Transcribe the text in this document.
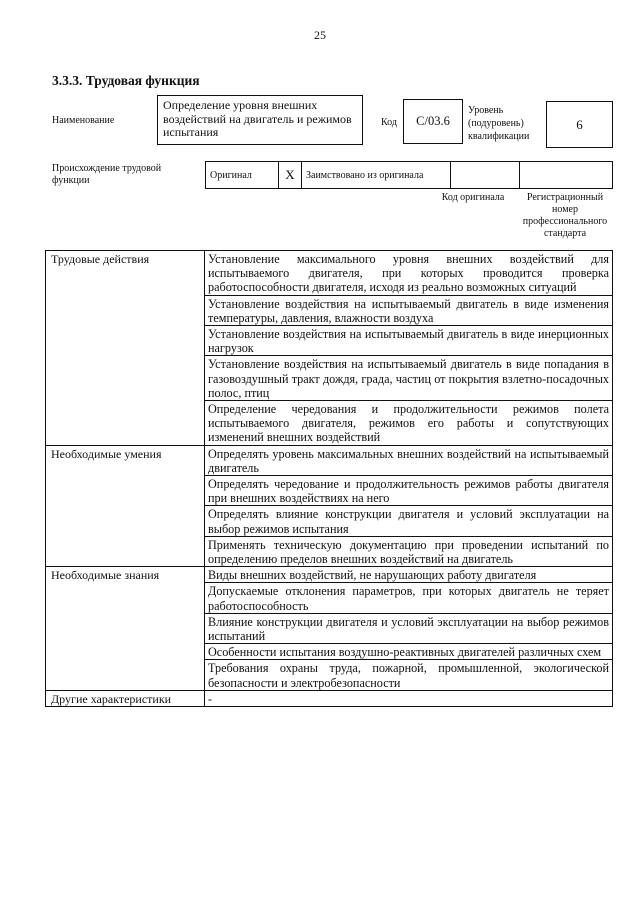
25
3.3.3. Трудовая функция
Наименование
Определение уровня внешних воздействий на двигатель и режимов испытания
Код C/03.6
Уровень (подуровень) квалификации
6
Происхождение трудовой функции	Оригинал	X	Заимствовано из оригинала		
Код оригинала	Регистрационный номер профессионального стандарта
Трудовые действия	Установление максимального уровня внешних воздействий для испытываемого двигателя, при которых проводится проверка работоспособности двигателя, исходя из реально возможных ситуаций
	Установление воздействия на испытываемый двигатель в виде изменения температуры, давления, влажности воздуха
	Установление воздействия на испытываемый двигатель в виде инерционных нагрузок
	Установление воздействия на испытываемый двигатель в виде попадания в газовоздушный тракт дождя, града, частиц от покрытия взлетно-посадочных полос, птиц
	Определение чередования и продолжительности режимов полета испытываемого двигателя, режимов его работы и сопутствующих изменений внешних воздействий
Необходимые умения	Определять уровень максимальных внешних воздействий на испытываемый двигатель
	Определять чередование и продолжительность режимов работы двигателя при внешних воздействиях на него
	Определять влияние конструкции двигателя и условий эксплуатации на выбор режимов испытания
	Применять техническую документацию при проведении испытаний по определению пределов внешних воздействий на двигатель
Необходимые знания	Виды внешних воздействий, не нарушающих работу двигателя
	Допускаемые отклонения параметров, при которых двигатель не теряет работоспособность
	Влияние конструкции двигателя и условий эксплуатации на выбор режимов испытаний
	Особенности испытания воздушно-реактивных двигателей различных схем
	Требования охраны труда, пожарной, промышленной, экологической безопасности и электробезопасности
Другие характеристики	-
